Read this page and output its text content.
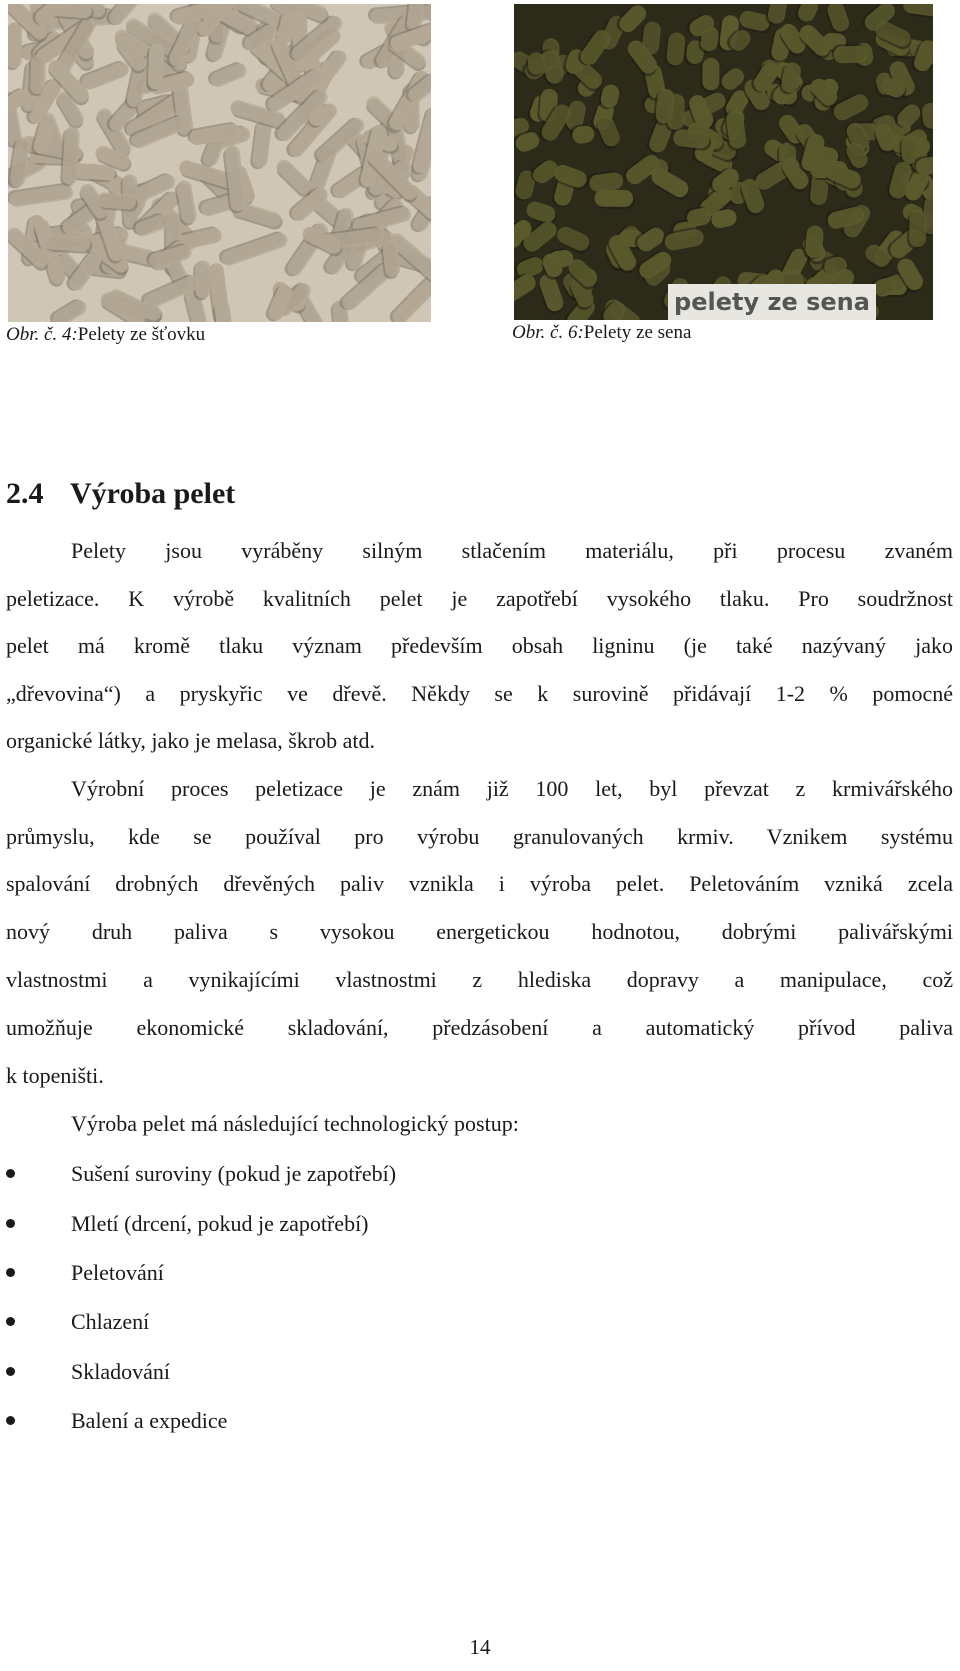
Obr. č. 4:Pelety ze šťovku
pelety ze sena
Obr. č. 6:Pelety ze sena
2.4 Výroba pelet
Pelety jsou vyráběny silným stlačením materiálu, při procesu zvaném
peletizace. K výrobě kvalitních pelet je zapotřebí vysokého tlaku. Pro soudržnost
pelet má kromě tlaku význam především obsah ligninu (je také nazývaný jako
„dřevovina“) a pryskyřic ve dřevě. Někdy se k surovině přidávají 1-2 % pomocné
organické látky, jako je melasa, škrob atd.
Výrobní proces peletizace je znám již 100 let, byl převzat z krmivářského
průmyslu, kde se používal pro výrobu granulovaných krmiv. Vznikem systému
spalování drobných dřevěných paliv vznikla i výroba pelet. Peletováním vzniká zcela
nový druh paliva s vysokou energetickou hodnotou, dobrými palivářskými
vlastnostmi a vynikajícími vlastnostmi z hlediska dopravy a manipulace, což
umožňuje ekonomické skladování, předzásobení a automatický přívod paliva
k topeništi.
Výroba pelet má následující technologický postup:
Sušení suroviny (pokud je zapotřebí)
Mletí (drcení, pokud je zapotřebí)
Peletování
Chlazení
Skladování
Balení a expedice
14
